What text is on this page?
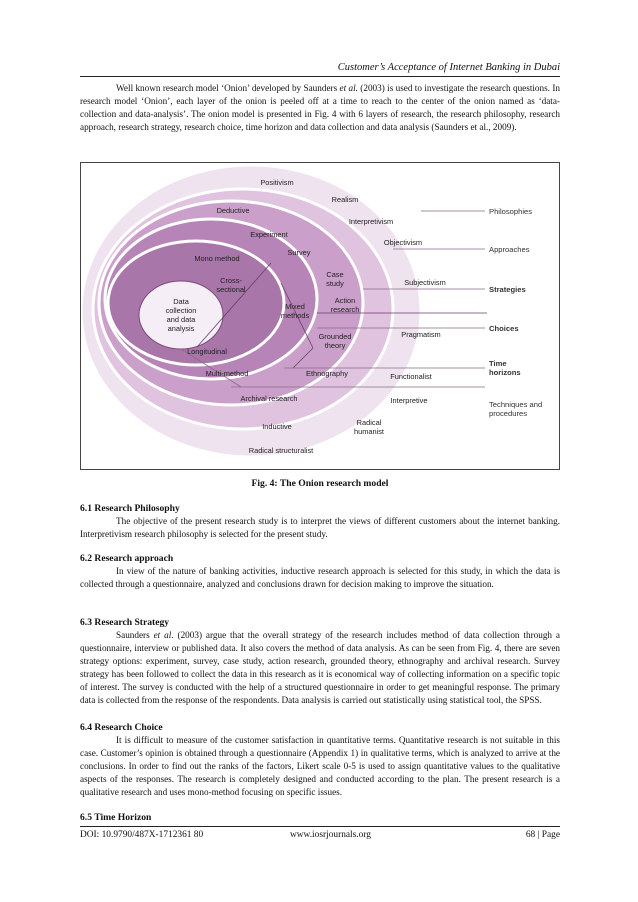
Customer’s Acceptance of Internet Banking in Dubai

Well known research model ‘Onion’ developed by Saunders et al. (2003) is used to investigate the research questions. In research model ‘Onion’, each layer of the onion is peeled off at a time to reach to the center of the onion named as ‘data-collection and data-analysis’. The onion model is presented in Fig. 4 with 6 layers of research, the research philosophy, research approach, research strategy, research choice, time horizon and data collection and data analysis (Saunders et al., 2009).

Positivism
Realism
Deductive
Interpretivism
Experiment
Objectivism
Mono method
Survey
Cross-
sectional
Case
study	Subjectivism
Mixed
methods
Action
research
Grounded
theory
Pragmatism
Longitudinal
Multi-method	Ethnography	Functionalist
Archival research	Interpretive
Inductive	Radical
humanist
Radical structuralist
Data
collection
and data
analysis
Philosophies
Approaches
Strategies
Choices
Time
horizons
Techniques and
procedures
Fig. 4: The Onion research model

6.1 Research Philosophy

The objective of the present research study is to interpret the views of different customers about the internet banking. Interpretivism research philosophy is selected for the present study.

6.2 Research approach

In view of the nature of banking activities, inductive research approach is selected for this study, in which the data is collected through a questionnaire, analyzed and conclusions drawn for decision making to improve the situation.

6.3 Research Strategy

Saunders et al. (2003) argue that the overall strategy of the research includes method of data collection through a questionnaire, interview or published data. It also covers the method of data analysis. As can be seen from Fig. 4, there are seven strategy options: experiment, survey, case study, action research, grounded theory, ethnography and archival research. Survey strategy has been followed to collect the data in this research as it is economical way of collecting information on a specific topic of interest. The survey is conducted with the help of a structured questionnaire in order to get meaningful response. The primary data is collected from the response of the respondents. Data analysis is carried out statistically using statistical tool, the SPSS.

6.4 Research Choice

It is difficult to measure of the customer satisfaction in quantitative terms. Quantitative research is not suitable in this case. Customer’s opinion is obtained through a questionnaire (Appendix 1) in qualitative terms, which is analyzed to arrive at the conclusions. In order to find out the ranks of the factors, Likert scale 0-5 is used to assign quantitative values to the qualitative aspects of the responses. The research is completely designed and conducted according to the plan. The present research is a qualitative research and uses mono-method focusing on specific issues.

6.5 Time Horizon

DOI: 10.9790/487X-1712361 80	www.iosrjournals.org	68 | Page
